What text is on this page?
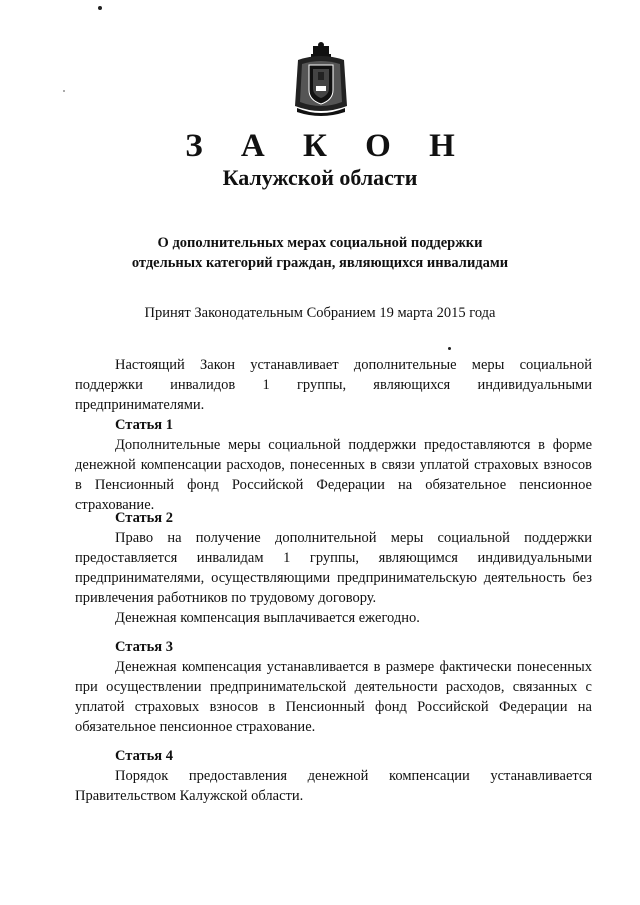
З А К О Н
Калужской области
О дополнительных мерах социальной поддержки
отдельных категорий граждан, являющихся инвалидами
Принят Законодательным Собранием 19 марта 2015 года

Настоящий Закон устанавливает дополнительные меры социальной поддержки инвалидов 1 группы, являющихся индивидуальными предпринимателями.

Статья 1

Дополнительные меры социальной поддержки предоставляются в форме денежной компенсации расходов, понесенных в связи уплатой страховых взносов в Пенсионный фонд Российской Федерации на обязательное пенсионное страхование.

Статья 2

Право на получение дополнительной меры социальной поддержки предоставляется инвалидам 1 группы, являющимся индивидуальными предпринимателями, осуществляющими предпринимательскую деятельность без привлечения работников по трудовому договору.

Денежная компенсация выплачивается ежегодно.

Статья 3

Денежная компенсация устанавливается в размере фактически понесенных при осуществлении предпринимательской деятельности расходов, связанных с уплатой страховых взносов в Пенсионный фонд Российской Федерации на обязательное пенсионное страхование.

Статья 4

Порядок предоставления денежной компенсации устанавливается Правительством Калужской области.
